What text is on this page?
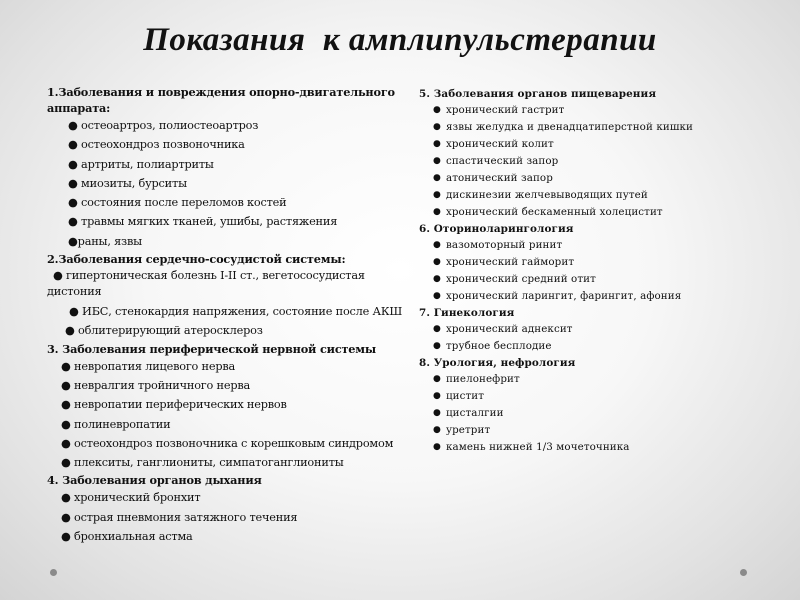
Показания  к амплипульстерапии
1.Заболевания и повреждения опорно-двигательного аппарата:
● остеоартроз, полиостеоартроз
● остеохондроз позвоночника
● артриты, полиартриты
● миозиты, бурситы
● состояния после переломов костей
● травмы мягких тканей, ушибы, растяжения
●раны, язвы
2.Заболевания сердечно-сосудистой системы:
● гипертоническая болезнь I-II ст., вегетососудистая дистония
● ИБС, стенокардия напряжения, состояние после АКШ
● облитерирующий атеросклероз
3. Заболевания периферической нервной системы
● невропатия лицевого нерва
● невралгия тройничного нерва
● невропатии периферических нервов
● полиневропатии
● остеохондроз позвоночника с корешковым синдромом
● плекситы, ганглиониты, симпатоганглиониты
4. Заболевания органов дыхания
● хронический бронхит
● острая пневмония затяжного течения
● бронхиальная астма
5. Заболевания органов пищеварения
● хронический гастрит
● язвы желудка и двенадцатиперстной кишки
● хронический колит
● спастический запор
● атонический запор
● дискинезии желчевыводящих путей
● хронический бескаменный холецистит
6. Оториноларингология
● вазомоторный ринит
● хронический гайморит
● хронический средний отит
● хронический ларингит, фарингит, афония
7. Гинекология
● хронический аднексит
● трубное бесплодие
8. Урология, нефрология
● пиелонефрит
● цистит
● цисталгии
● уретрит
● камень нижней 1/3 мочеточника
